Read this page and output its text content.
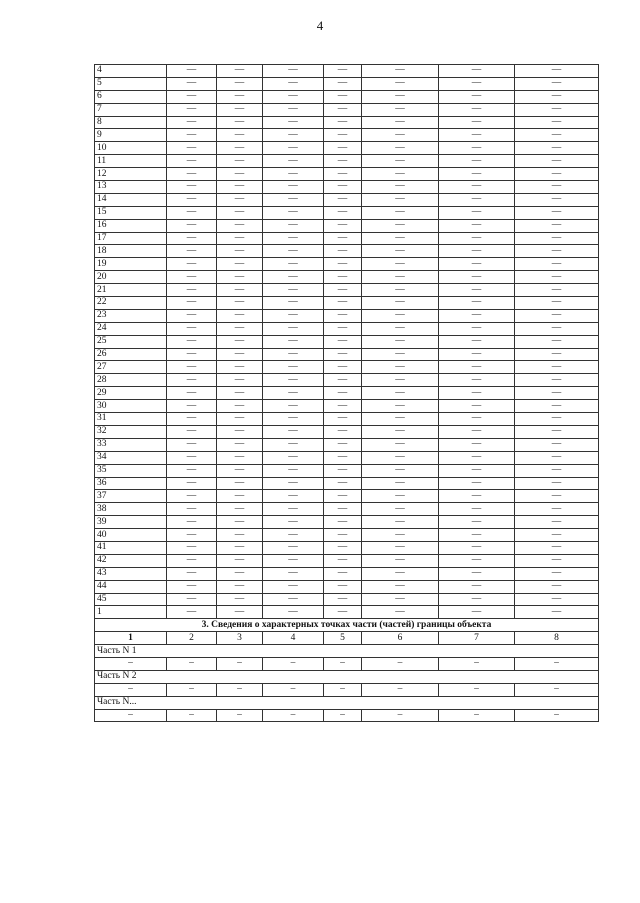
4
4	—	—	—	—	—	—	—
5	—	—	—	—	—	—	—
6	—	—	—	—	—	—	—
7	—	—	—	—	—	—	—
8	—	—	—	—	—	—	—
9	—	—	—	—	—	—	—
10	—	—	—	—	—	—	—
11	—	—	—	—	—	—	—
12	—	—	—	—	—	—	—
13	—	—	—	—	—	—	—
14	—	—	—	—	—	—	—
15	—	—	—	—	—	—	—
16	—	—	—	—	—	—	—
17	—	—	—	—	—	—	—
18	—	—	—	—	—	—	—
19	—	—	—	—	—	—	—
20	—	—	—	—	—	—	—
21	—	—	—	—	—	—	—
22	—	—	—	—	—	—	—
23	—	—	—	—	—	—	—
24	—	—	—	—	—	—	—
25	—	—	—	—	—	—	—
26	—	—	—	—	—	—	—
27	—	—	—	—	—	—	—
28	—	—	—	—	—	—	—
29	—	—	—	—	—	—	—
30	—	—	—	—	—	—	—
31	—	—	—	—	—	—	—
32	—	—	—	—	—	—	—
33	—	—	—	—	—	—	—
34	—	—	—	—	—	—	—
35	—	—	—	—	—	—	—
36	—	—	—	—	—	—	—
37	—	—	—	—	—	—	—
38	—	—	—	—	—	—	—
39	—	—	—	—	—	—	—
40	—	—	—	—	—	—	—
41	—	—	—	—	—	—	—
42	—	—	—	—	—	—	—
43	—	—	—	—	—	—	—
44	—	—	—	—	—	—	—
45	—	—	—	—	—	—	—
1	—	—	—	—	—	—	—
3. Сведения о характерных точках части (частей) границы объекта							
1	2	3	4	5	6	7	8
Часть N 1							
–	–	–	–	–	–	–	–
Часть N 2							
–	–	–	–	–	–	–	–
Часть N...							
–	–	–	–	–	–	–	–
